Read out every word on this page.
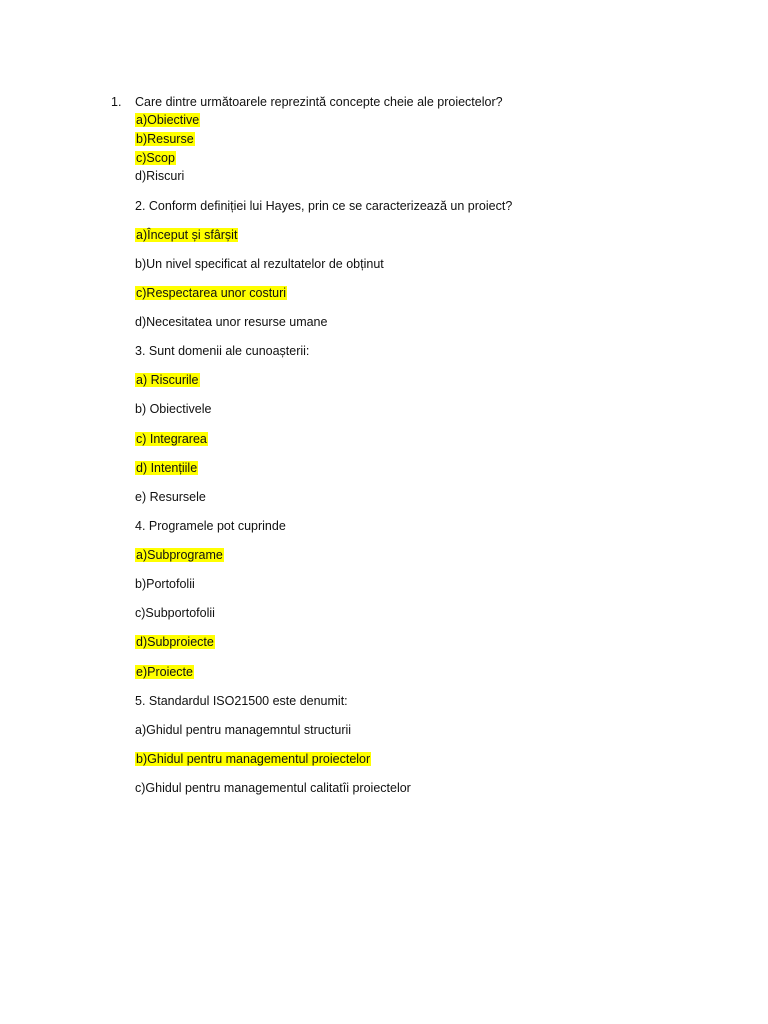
1. Care dintre următoarele reprezintă concepte cheie ale proiectelor?
a)Obiective
b)Resurse
c)Scop
d)Riscuri
2. Conform definiției lui Hayes, prin ce se caracterizează un proiect?
a)Început și sfârșit
b)Un nivel specificat al rezultatelor de obținut
c)Respectarea unor costuri
d)Necesitatea unor resurse umane
3. Sunt domenii ale cunoașterii:
a) Riscurile
b) Obiectivele
c) Integrarea
d) Intențiile
e) Resursele
4. Programele pot cuprinde
a)Subprograme
b)Portofolii
c)Subportofolii
d)Subproiecte
e)Proiecte
5. Standardul ISO21500 este denumit:
a)Ghidul pentru managemntul structurii
b)Ghidul pentru managementul proiectelor
c)Ghidul pentru managementul calitatîi proiectelor
